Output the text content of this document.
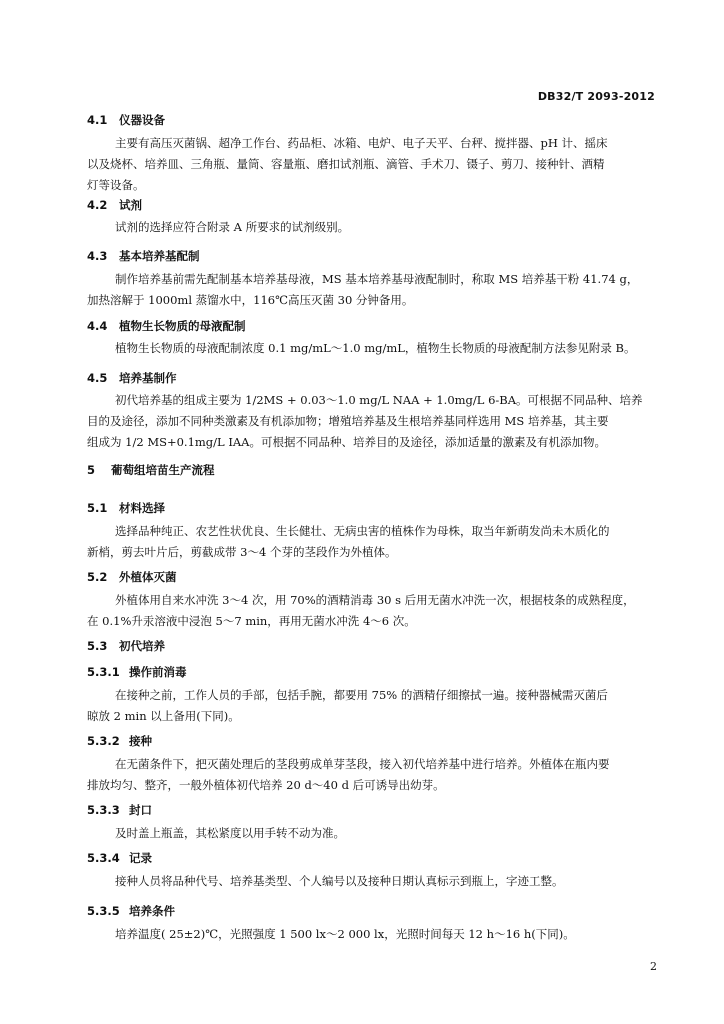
DB32/T 2093-2012
4.1 仪器设备
主要有高压灭菌锅、超净工作台、药品柜、冰箱、电炉、电子天平、台秤、搅拌器、pH 计、摇床
以及烧杯、培养皿、三角瓶、量筒、容量瓶、磨扣试剂瓶、滴管、手术刀、镊子、剪刀、接种针、酒精
灯等设备。
4.2 试剂
试剂的选择应符合附录 A 所要求的试剂级别。
4.3 基本培养基配制
制作培养基前需先配制基本培养基母液，MS 基本培养基母液配制时，称取 MS 培养基干粉 41.74 g，
加热溶解于 1000ml 蒸馏水中，116℃高压灭菌 30 分钟备用。
4.4 植物生长物质的母液配制
植物生长物质的母液配制浓度 0.1 mg/mL～1.0 mg/mL，植物生长物质的母液配制方法参见附录 B。
4.5 培养基制作
初代培养基的组成主要为 1/2MS + 0.03～1.0 mg/L NAA + 1.0mg/L 6-BA。可根据不同品种、培养
目的及途径，添加不同种类激素及有机添加物；增殖培养基及生根培养基同样选用 MS 培养基，其主要
组成为 1/2 MS+0.1mg/L IAA。可根据不同品种、培养目的及途径，添加适量的激素及有机添加物。
5 葡萄组培苗生产流程
5.1 材料选择
选择品种纯正、农艺性状优良、生长健壮、无病虫害的植株作为母株，取当年新萌发尚未木质化的
新梢，剪去叶片后，剪截成带 3～4 个芽的茎段作为外植体。
5.2 外植体灭菌
外植体用自来水冲洗 3～4 次，用 70%的酒精消毒 30 s 后用无菌水冲洗一次，根据枝条的成熟程度，
在 0.1%升汞溶液中浸泡 5～7 min，再用无菌水冲洗 4～6 次。
5.3 初代培养
5.3.1 操作前消毒
在接种之前，工作人员的手部，包括手腕，都要用 75% 的酒精仔细擦拭一遍。接种器械需灭菌后
晾放 2 min 以上备用(下同)。
5.3.2 接种
在无菌条件下，把灭菌处理后的茎段剪成单芽茎段，接入初代培养基中进行培养。外植体在瓶内要
排放均匀、整齐，一般外植体初代培养 20 d～40 d 后可诱导出幼芽。
5.3.3 封口
及时盖上瓶盖，其松紧度以用手转不动为准。
5.3.4 记录
接种人员将品种代号、培养基类型、个人编号以及接种日期认真标示到瓶上，字迹工整。
5.3.5 培养条件
培养温度( 25±2)℃，光照强度 1 500 lx～2 000 lx，光照时间每天 12 h～16 h(下同)。
2
